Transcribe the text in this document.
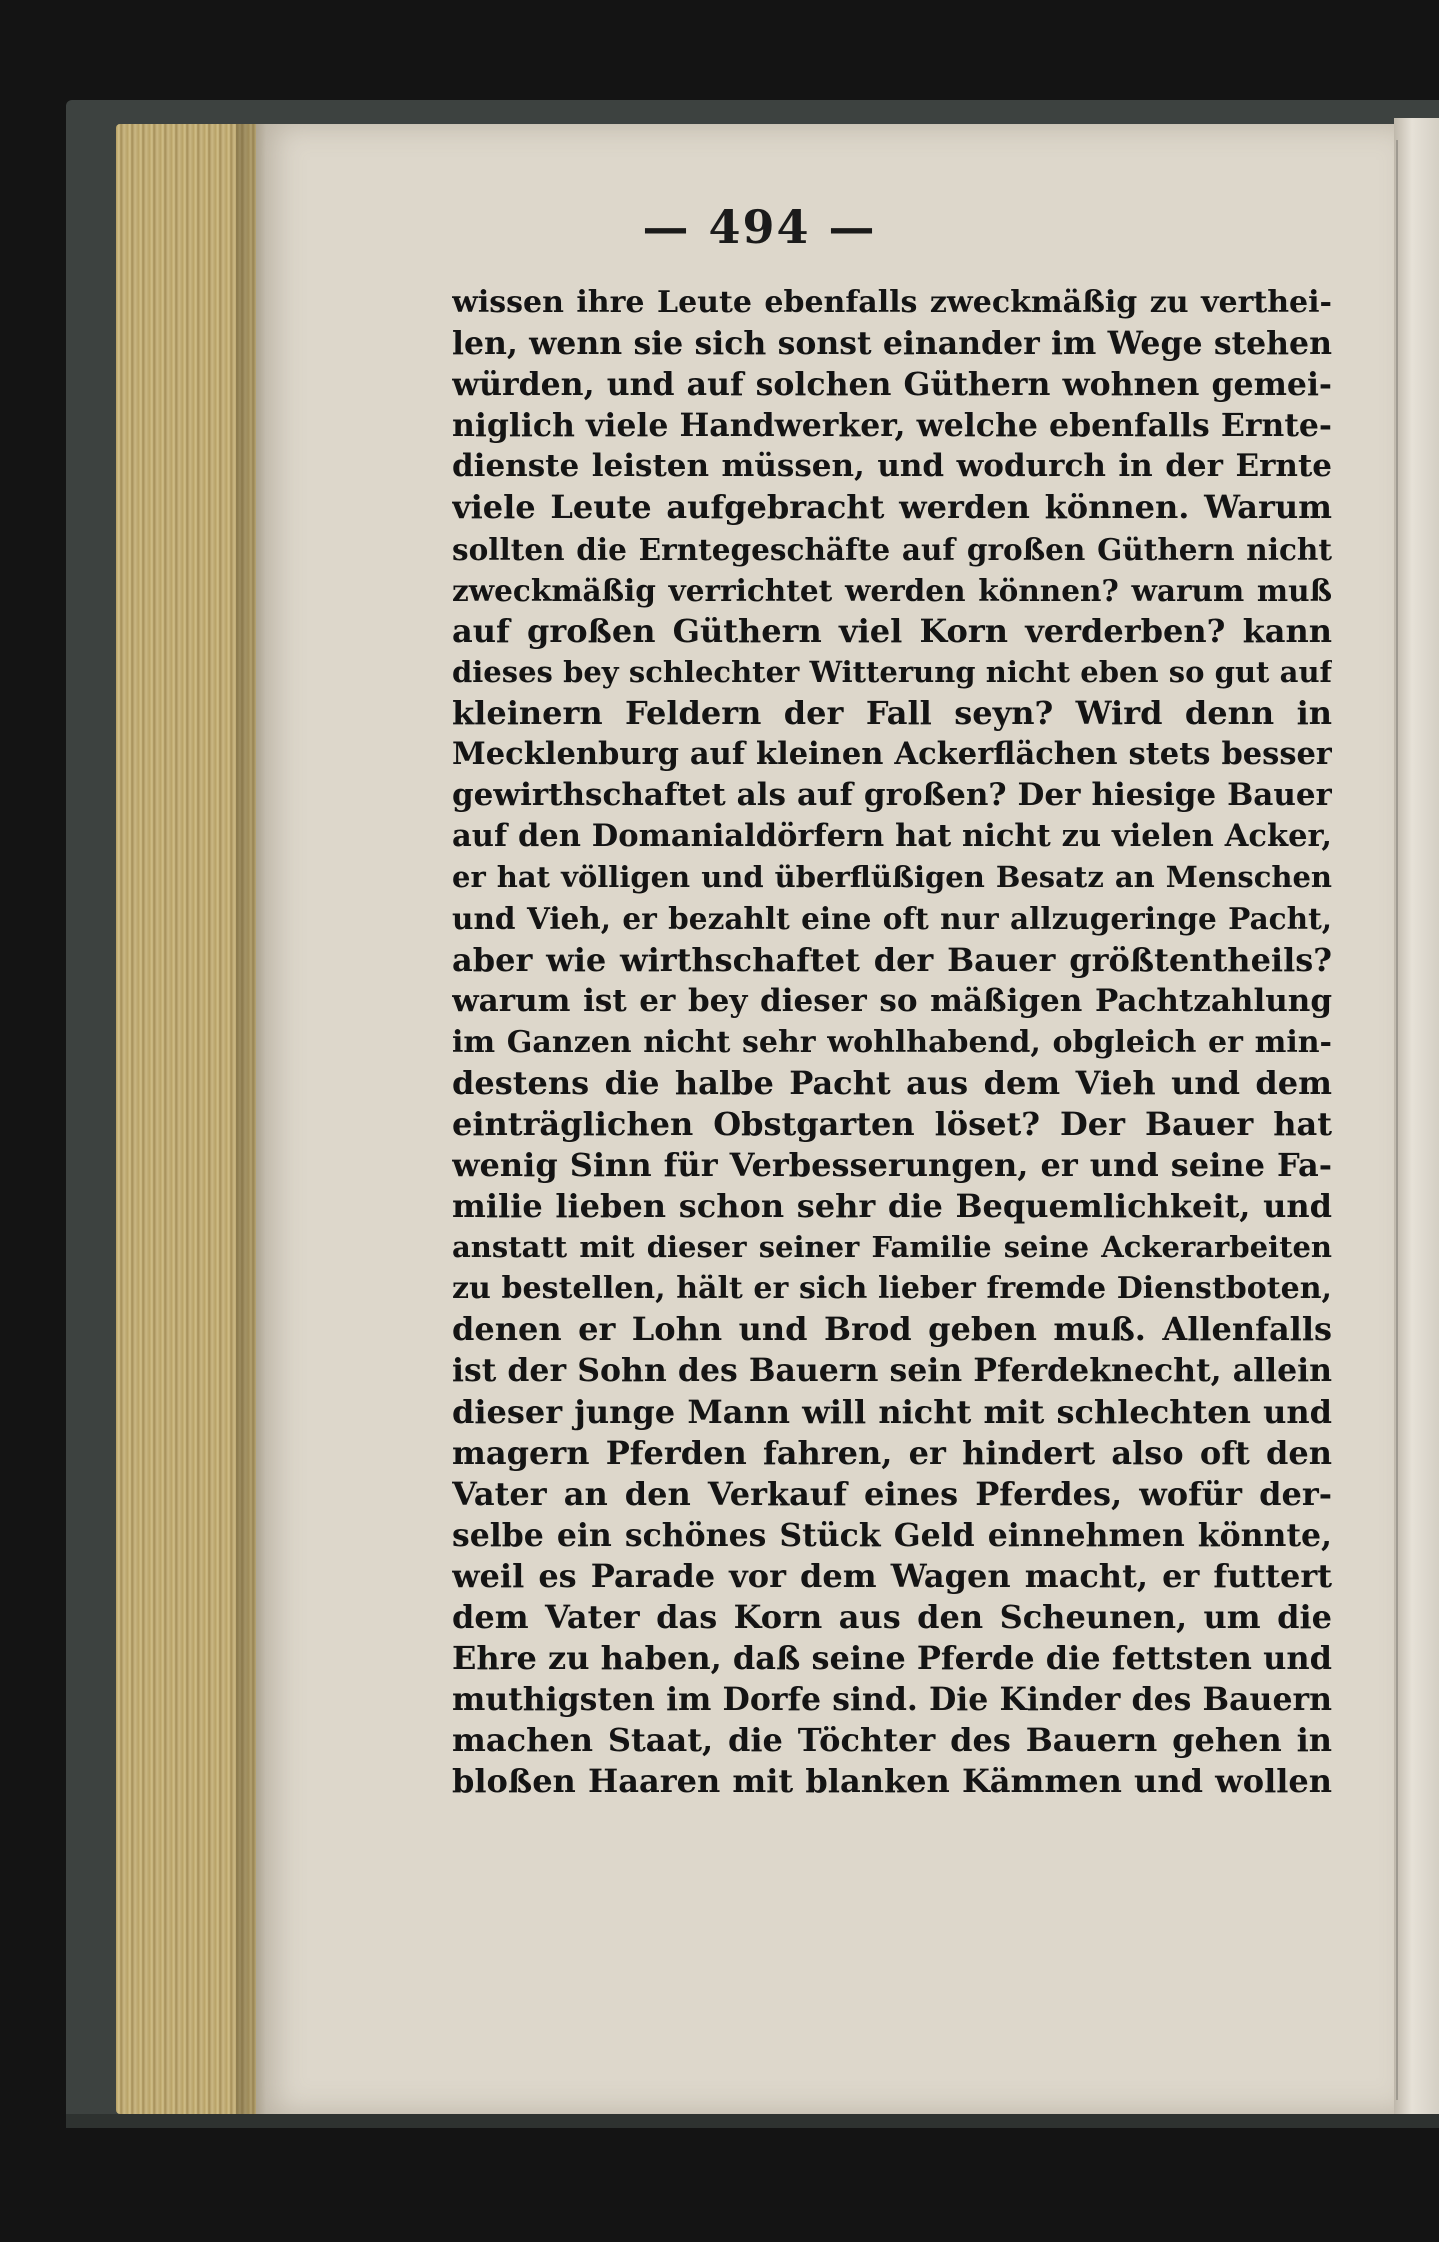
— 494 —
wissen ihre Leute ebenfalls zweckmäßig zu verthei-
len, wenn sie sich sonst einander im Wege stehen
würden, und auf solchen Güthern wohnen gemei-
niglich viele Handwerker, welche ebenfalls Ernte-
dienste leisten müssen, und wodurch in der Ernte
viele Leute aufgebracht werden können. Warum
sollten die Erntegeschäfte auf großen Güthern nicht
zweckmäßig verrichtet werden können? warum muß
auf großen Güthern viel Korn verderben? kann
dieses bey schlechter Witterung nicht eben so gut auf
kleinern Feldern der Fall seyn? Wird denn in
Mecklenburg auf kleinen Ackerflächen stets besser
gewirthschaftet als auf großen? Der hiesige Bauer
auf den Domanialdörfern hat nicht zu vielen Acker,
er hat völligen und überflüßigen Besatz an Menschen
und Vieh, er bezahlt eine oft nur allzugeringe Pacht,
aber wie wirthschaftet der Bauer größtentheils?
warum ist er bey dieser so mäßigen Pachtzahlung
im Ganzen nicht sehr wohlhabend, obgleich er min-
destens die halbe Pacht aus dem Vieh und dem
einträglichen Obstgarten löset? Der Bauer hat
wenig Sinn für Verbesserungen, er und seine Fa-
milie lieben schon sehr die Bequemlichkeit, und
anstatt mit dieser seiner Familie seine Ackerarbeiten
zu bestellen, hält er sich lieber fremde Dienstboten,
denen er Lohn und Brod geben muß. Allenfalls
ist der Sohn des Bauern sein Pferdeknecht, allein
dieser junge Mann will nicht mit schlechten und
magern Pferden fahren, er hindert also oft den
Vater an den Verkauf eines Pferdes, wofür der-
selbe ein schönes Stück Geld einnehmen könnte,
weil es Parade vor dem Wagen macht, er futtert
dem Vater das Korn aus den Scheunen, um die
Ehre zu haben, daß seine Pferde die fettsten und
muthigsten im Dorfe sind. Die Kinder des Bauern
machen Staat, die Töchter des Bauern gehen in
bloßen Haaren mit blanken Kämmen und wollen
